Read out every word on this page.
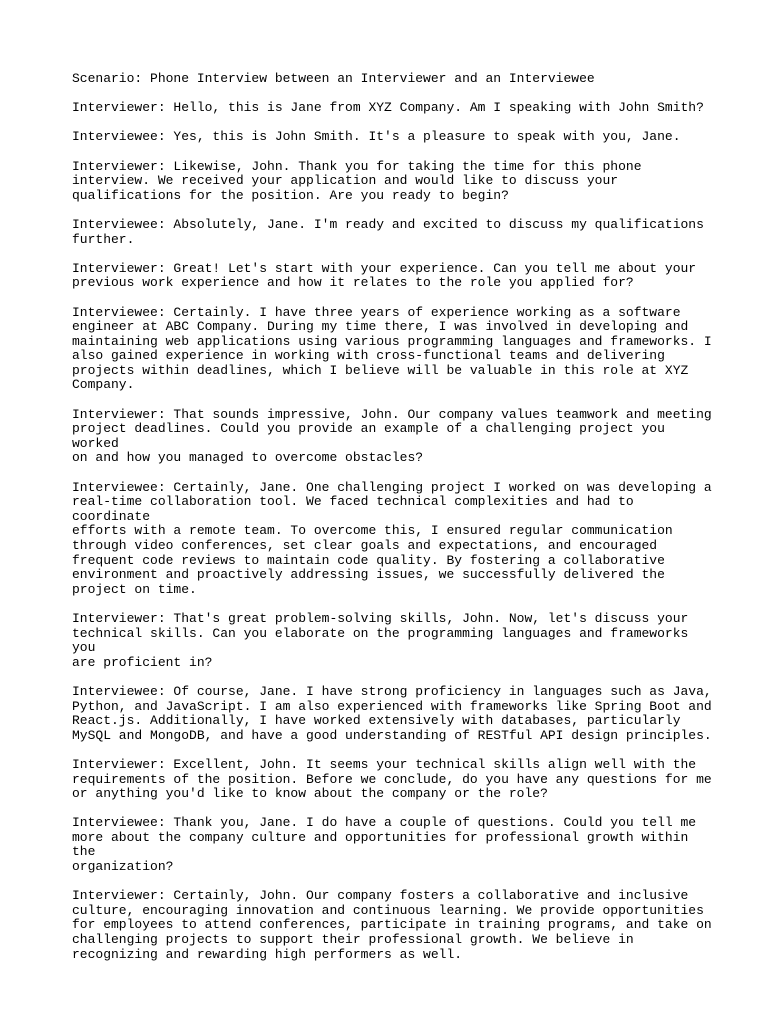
Scenario: Phone Interview between an Interviewer and an Interviewee

Interviewer: Hello, this is Jane from XYZ Company. Am I speaking with John Smith?

Interviewee: Yes, this is John Smith. It's a pleasure to speak with you, Jane.

Interviewer: Likewise, John. Thank you for taking the time for this phone
interview. We received your application and would like to discuss your
qualifications for the position. Are you ready to begin?

Interviewee: Absolutely, Jane. I'm ready and excited to discuss my qualifications
further.

Interviewer: Great! Let's start with your experience. Can you tell me about your
previous work experience and how it relates to the role you applied for?

Interviewee: Certainly. I have three years of experience working as a software
engineer at ABC Company. During my time there, I was involved in developing and
maintaining web applications using various programming languages and frameworks. I
also gained experience in working with cross-functional teams and delivering
projects within deadlines, which I believe will be valuable in this role at XYZ
Company.

Interviewer: That sounds impressive, John. Our company values teamwork and meeting
project deadlines. Could you provide an example of a challenging project you worked
on and how you managed to overcome obstacles?

Interviewee: Certainly, Jane. One challenging project I worked on was developing a
real-time collaboration tool. We faced technical complexities and had to coordinate
efforts with a remote team. To overcome this, I ensured regular communication
through video conferences, set clear goals and expectations, and encouraged
frequent code reviews to maintain code quality. By fostering a collaborative
environment and proactively addressing issues, we successfully delivered the
project on time.

Interviewer: That's great problem-solving skills, John. Now, let's discuss your
technical skills. Can you elaborate on the programming languages and frameworks you
are proficient in?

Interviewee: Of course, Jane. I have strong proficiency in languages such as Java,
Python, and JavaScript. I am also experienced with frameworks like Spring Boot and
React.js. Additionally, I have worked extensively with databases, particularly
MySQL and MongoDB, and have a good understanding of RESTful API design principles.

Interviewer: Excellent, John. It seems your technical skills align well with the
requirements of the position. Before we conclude, do you have any questions for me
or anything you'd like to know about the company or the role?

Interviewee: Thank you, Jane. I do have a couple of questions. Could you tell me
more about the company culture and opportunities for professional growth within the
organization?

Interviewer: Certainly, John. Our company fosters a collaborative and inclusive
culture, encouraging innovation and continuous learning. We provide opportunities
for employees to attend conferences, participate in training programs, and take on
challenging projects to support their professional growth. We believe in
recognizing and rewarding high performers as well.
